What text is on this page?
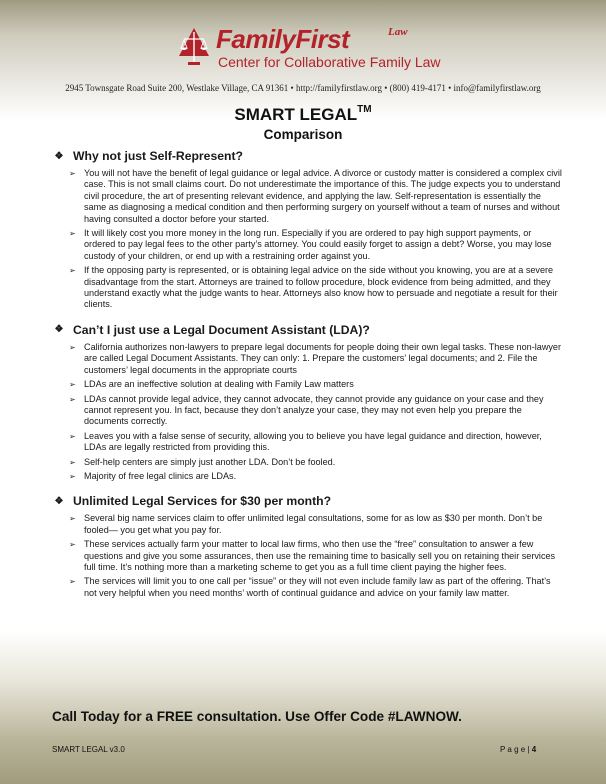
FamilyFirst	Law
Center for Collaborative Family Law
2945 Townsgate Road Suite 200, Westlake Village, CA 91361 • http://familyfirstlaw.org • (800) 419-4171 • info@familyfirstlaw.org
SMART LEGAL™
Comparison
❖ Why not just Self-Represent?
➢ You will not have the benefit of legal guidance or legal advice. A divorce or custody matter is considered a complex civil case. This is not small claims court. Do not underestimate the importance of this. The judge expects you to understand civil procedure, the art of presenting relevant evidence, and applying the law. Self-representation is essentially the same as diagnosing a medical condition and then performing surgery on yourself without a team of nurses and without having consulted a doctor before your started.
➢ It will likely cost you more money in the long run. Especially if you are ordered to pay high support payments, or ordered to pay legal fees to the other party’s attorney. You could easily forget to assign a debt? Worse, you may lose custody of your children, or end up with a restraining order against you.
➢ If the opposing party is represented, or is obtaining legal advice on the side without you knowing, you are at a severe disadvantage from the start. Attorneys are trained to follow procedure, block evidence from being admitted, and they understand exactly what the judge wants to hear. Attorneys also know how to persuade and negotiate a result for their clients.
❖ Can’t I just use a Legal Document Assistant (LDA)?
➢ California authorizes non-lawyers to prepare legal documents for people doing their own legal tasks. These non-lawyer are called Legal Document Assistants. They can only: 1. Prepare the customers’ legal documents; and 2. File the customers’ legal documents in the appropriate courts
➢ LDAs are an ineffective solution at dealing with Family Law matters
➢ LDAs cannot provide legal advice, they cannot advocate, they cannot provide any guidance on your case and they cannot represent you. In fact, because they don’t analyze your case, they may not even help you prepare the documents correctly.
➢ Leaves you with a false sense of security, allowing you to believe you have legal guidance and direction, however, LDAs are legally restricted from providing this.
➢ Self-help centers are simply just another LDA. Don’t be fooled.
➢ Majority of free legal clinics are LDAs.
❖ Unlimited Legal Services for $30 per month?
➢ Several big name services claim to offer unlimited legal consultations, some for as low as $30 per month. Don’t be fooled— you get what you pay for.
➢ These services actually farm your matter to local law firms, who then use the “free” consultation to answer a few questions and give you some assurances, then use the remaining time to basically sell you on retaining their services full time. It’s nothing more than a marketing scheme to get you as a full time client paying the higher fees.
➢ The services will limit you to one call per “issue” or they will not even include family law as part of the offering. That’s not very helpful when you need months’ worth of continual guidance and advice on your family law matter.
Call Today for a FREE consultation. Use Offer Code #LAWNOW.
SMART LEGAL v3.0	P a g e | 4
